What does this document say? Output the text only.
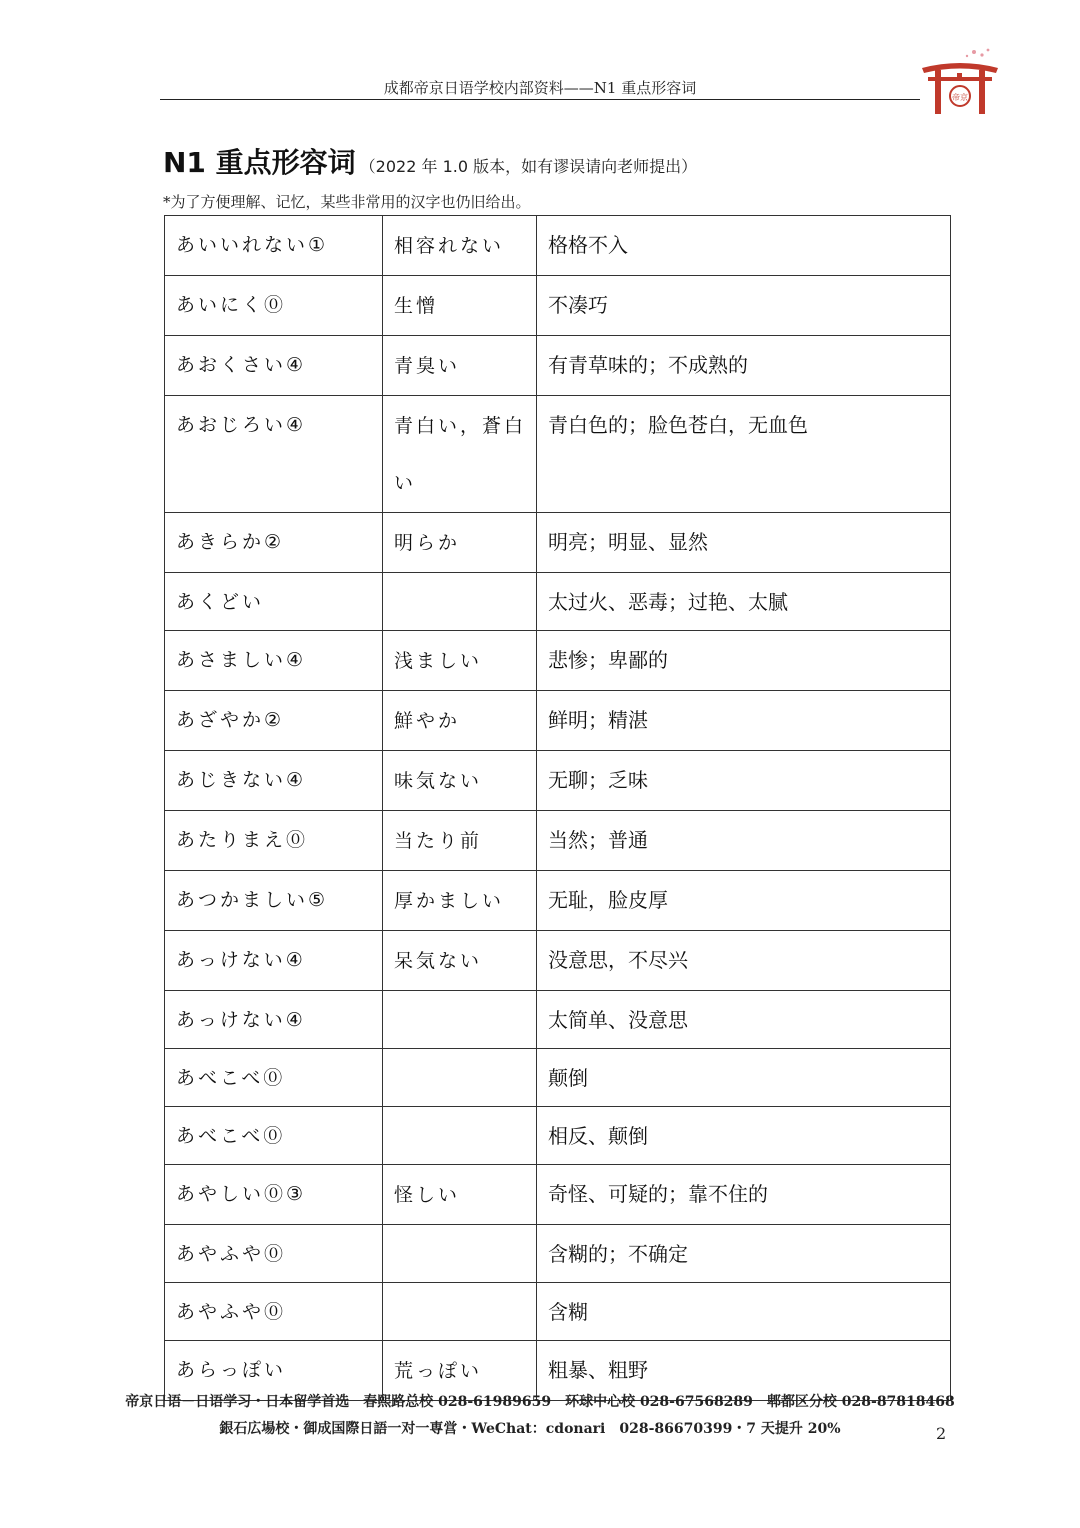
成都帝京日语学校内部资料——N1 重点形容词
帝京
N1 重点形容词 （2022 年 1.0 版本，如有谬误请向老师提出）
*为了方便理解、记忆，某些非常用的汉字也仍旧给出。
あいいれない①	相容れない	格格不入
あいにく⓪	生憎	不凑巧
あおくさい④	青臭い	有青草味的；不成熟的
あおじろい④	青白い，蒼白い	青白色的；脸色苍白，无血色
あきらか②	明らか	明亮；明显、显然
あくどい		太过火、恶毒；过艳、太腻
あさましい④	浅ましい	悲惨；卑鄙的
あざやか②	鮮やか	鲜明；精湛
あじきない④	味気ない	无聊；乏味
あたりまえ⓪	当たり前	当然；普通
あつかましい⑤	厚かましい	无耻，脸皮厚
あっけない④	呆気ない	没意思，不尽兴
あっけない④		太简单、没意思
あべこべ⓪		颠倒
あべこべ⓪		相反、颠倒
あやしい⓪③	怪しい	奇怪、可疑的；靠不住的
あやふや⓪		含糊的；不确定
あやふや⓪		含糊
あらっぽい	荒っぽい	粗暴、粗野
帝京日语－日语学习・日本留学首选　春熙路总校 028-61989659　环球中心校 028-67568289　郫都区分校 028-87818468
銀石広場校・御成国際日語一对一専営・WeChat：cdonari　028-86670399・7 天提升 20%	2
